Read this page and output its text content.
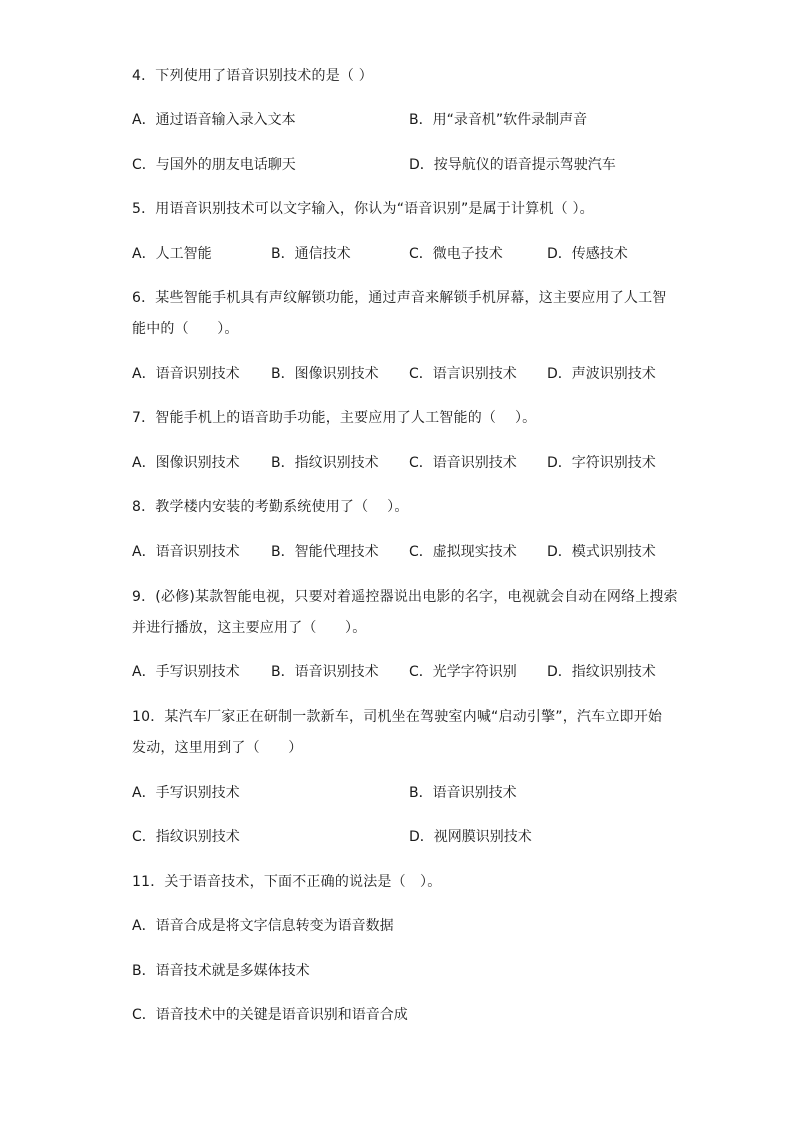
4．下列使用了语音识别技术的是（ ）
A．通过语音输入录入文本	B．用“录音机”软件录制声音
C．与国外的朋友电话聊天	D．按导航仪的语音提示驾驶汽车
5．用语音识别技术可以文字输入，你认为“语音识别”是属于计算机（ ）。
A．人工智能	B．通信技术	C．微电子技术	D．传感技术
6．某些智能手机具有声纹解锁功能，通过声音来解锁手机屏幕，这主要应用了人工智
能中的（　　）。
A．语音识别技术 B．图像识别技术 C．语言识别技术 D．声波识别技术
7．智能手机上的语音助手功能，主要应用了人工智能的（　 ）。
A．图像识别技术 B．指纹识别技术 C．语音识别技术 D．字符识别技术
8．教学楼内安装的考勤系统使用了（　 ）。
A．语音识别技术 B．智能代理技术 C．虚拟现实技术 D．模式识别技术
9．(必修)某款智能电视，只要对着遥控器说出电影的名字，电视就会自动在网络上搜索
并进行播放，这主要应用了（　　）。
A．手写识别技术 B．语音识别技术 C．光学字符识别 D．指纹识别技术
10．某汽车厂家正在研制一款新车，司机坐在驾驶室内喊“启动引擎”，汽车立即开始
发动，这里用到了（　　）
A．手写识别技术	B．语音识别技术
C．指纹识别技术	D．视网膜识别技术
11．关于语音技术，下面不正确的说法是（　）。
A．语音合成是将文字信息转变为语音数据
B．语音技术就是多媒体技术
C．语音技术中的关键是语音识别和语音合成
